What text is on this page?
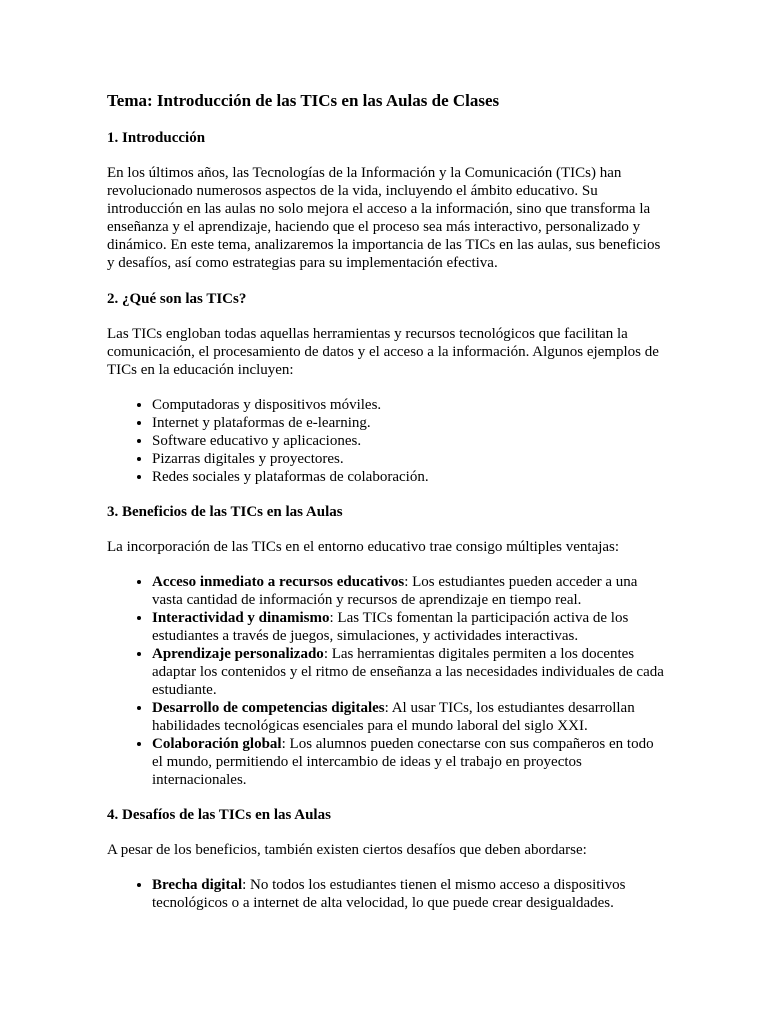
Tema: Introducción de las TICs en las Aulas de Clases
1. Introducción

En los últimos años, las Tecnologías de la Información y la Comunicación (TICs) han revolucionado numerosos aspectos de la vida, incluyendo el ámbito educativo. Su introducción en las aulas no solo mejora el acceso a la información, sino que transforma la enseñanza y el aprendizaje, haciendo que el proceso sea más interactivo, personalizado y dinámico. En este tema, analizaremos la importancia de las TICs en las aulas, sus beneficios y desafíos, así como estrategias para su implementación efectiva.

2. ¿Qué son las TICs?

Las TICs engloban todas aquellas herramientas y recursos tecnológicos que facilitan la comunicación, el procesamiento de datos y el acceso a la información. Algunos ejemplos de TICs en la educación incluyen:

• Computadoras y dispositivos móviles.
• Internet y plataformas de e-learning.
• Software educativo y aplicaciones.
• Pizarras digitales y proyectores.
• Redes sociales y plataformas de colaboración.
3. Beneficios de las TICs en las Aulas

La incorporación de las TICs en el entorno educativo trae consigo múltiples ventajas:

• Acceso inmediato a recursos educativos: Los estudiantes pueden acceder a una vasta cantidad de información y recursos de aprendizaje en tiempo real.
• Interactividad y dinamismo: Las TICs fomentan la participación activa de los estudiantes a través de juegos, simulaciones, y actividades interactivas.
• Aprendizaje personalizado: Las herramientas digitales permiten a los docentes adaptar los contenidos y el ritmo de enseñanza a las necesidades individuales de cada estudiante.
• Desarrollo de competencias digitales: Al usar TICs, los estudiantes desarrollan habilidades tecnológicas esenciales para el mundo laboral del siglo XXI.
• Colaboración global: Los alumnos pueden conectarse con sus compañeros en todo el mundo, permitiendo el intercambio de ideas y el trabajo en proyectos internacionales.
4. Desafíos de las TICs en las Aulas

A pesar de los beneficios, también existen ciertos desafíos que deben abordarse:

• Brecha digital: No todos los estudiantes tienen el mismo acceso a dispositivos tecnológicos o a internet de alta velocidad, lo que puede crear desigualdades.
